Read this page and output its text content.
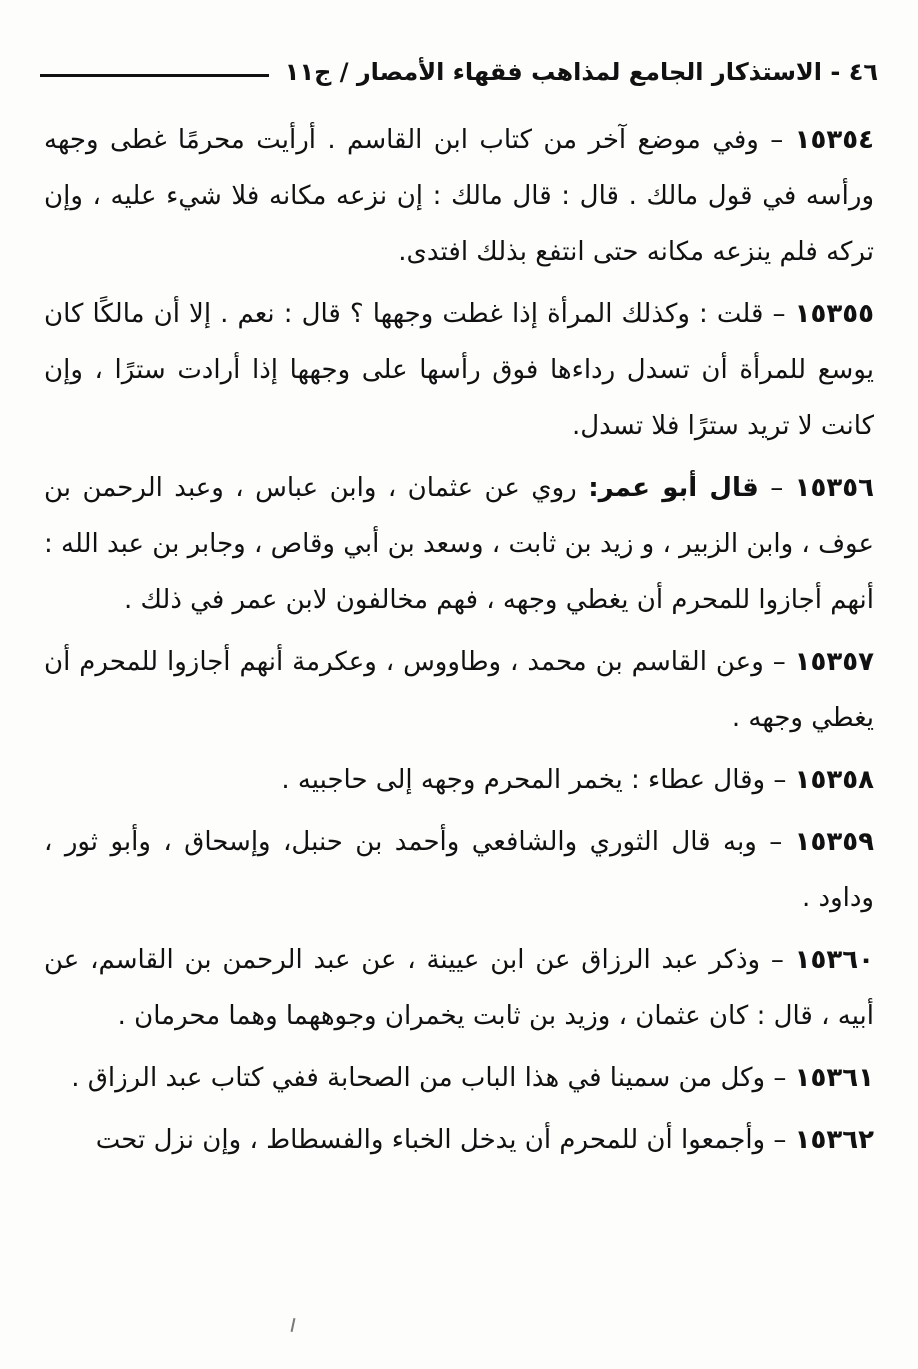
٤٦ - الاستذكار الجامع لمذاهب فقهاء الأمصار / ج١١

١٥٣٥٤ – وفي موضع آخر من كتاب ابن القاسم . أرأيت محرمًا غطى وجهه ورأسه في قول مالك . قال : قال مالك : إن نزعه مكانه فلا شيء عليه ، وإن تركه فلم ينزعه مكانه حتى انتفع بذلك افتدى.

١٥٣٥٥ – قلت : وكذلك المرأة إذا غطت وجهها ؟ قال : نعم . إلا أن مالكًا كان يوسع للمرأة أن تسدل رداءها فوق رأسها على وجهها إذا أرادت سترًا ، وإن كانت لا تريد سترًا فلا تسدل.

١٥٣٥٦ – قال أبو عمر: روي عن عثمان ، وابن عباس ، وعبد الرحمن بن عوف ، وابن الزبير ، و زيد بن ثابت ، وسعد بن أبي وقاص ، وجابر بن عبد الله : أنهم أجازوا للمحرم أن يغطي وجهه ، فهم مخالفون لابن عمر في ذلك .

١٥٣٥٧ – وعن القاسم بن محمد ، وطاووس ، وعكرمة أنهم أجازوا للمحرم أن يغطي وجهه .

١٥٣٥٨ – وقال عطاء : يخمر المحرم وجهه إلى حاجبيه .

١٥٣٥٩ – وبه قال الثوري والشافعي وأحمد بن حنبل، وإسحاق ، وأبو ثور ، وداود .

١٥٣٦٠ – وذكر عبد الرزاق عن ابن عيينة ، عن عبد الرحمن بن القاسم، عن أبيه ، قال : كان عثمان ، وزيد بن ثابت يخمران وجوههما وهما محرمان .

١٥٣٦١ – وكل من سمينا في هذا الباب من الصحابة ففي كتاب عبد الرزاق .

١٥٣٦٢ – وأجمعوا أن للمحرم أن يدخل الخباء والفسطاط ، وإن نزل تحت
